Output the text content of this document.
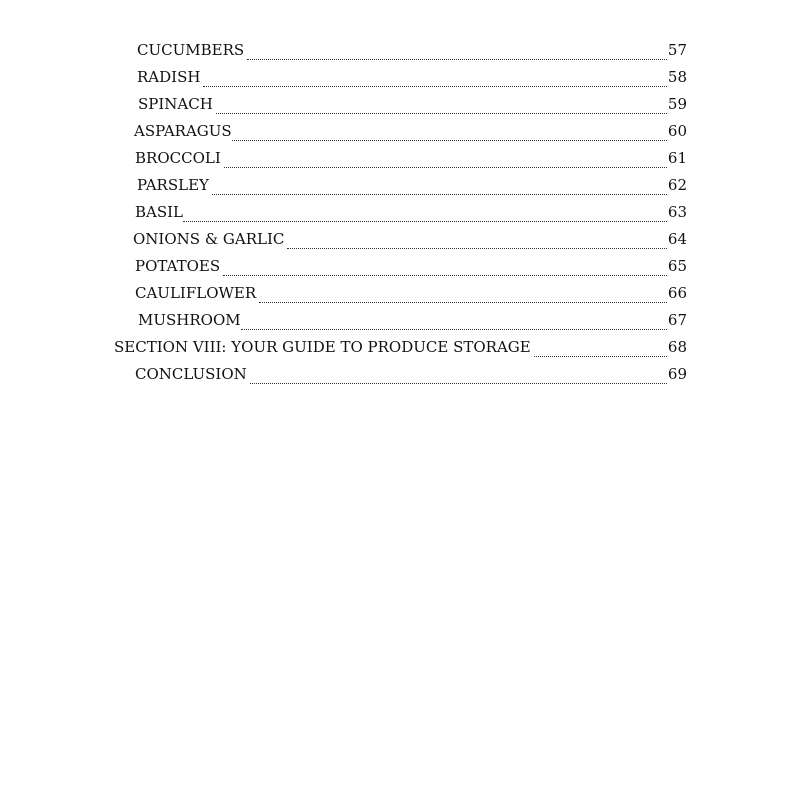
CUCUMBERS	57
RADISH	58
SPINACH	59
ASPARAGUS	60
BROCCOLI	61
PARSLEY	62
BASIL	63
ONIONS & GARLIC	64
POTATOES	65
CAULIFLOWER	66
MUSHROOM	67
SECTION VIII: YOUR GUIDE TO PRODUCE STORAGE	68
CONCLUSION	69
